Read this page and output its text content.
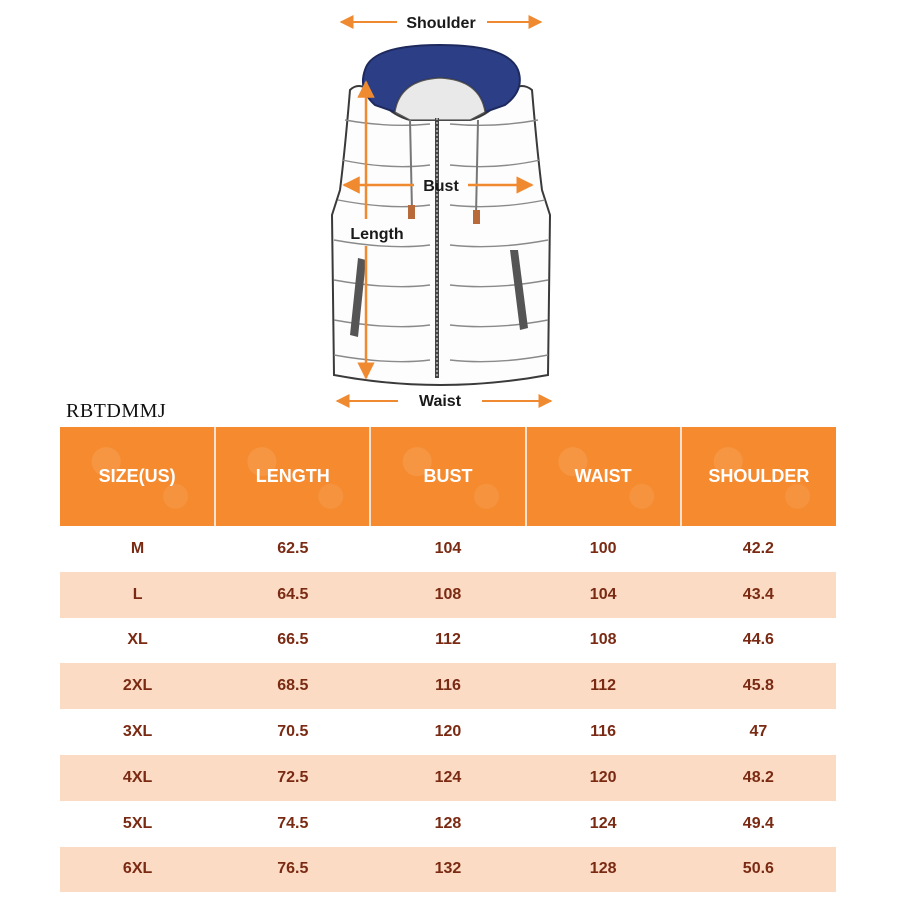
Shoulder
Bust
Length
Waist
RBTDMMJ
SIZE(US)	LENGTH	BUST	WAIST	SHOULDER
M	62.5	104	100	42.2
L	64.5	108	104	43.4
XL	66.5	112	108	44.6
2XL	68.5	116	112	45.8
3XL	70.5	120	116	47
4XL	72.5	124	120	48.2
5XL	74.5	128	124	49.4
6XL	76.5	132	128	50.6
